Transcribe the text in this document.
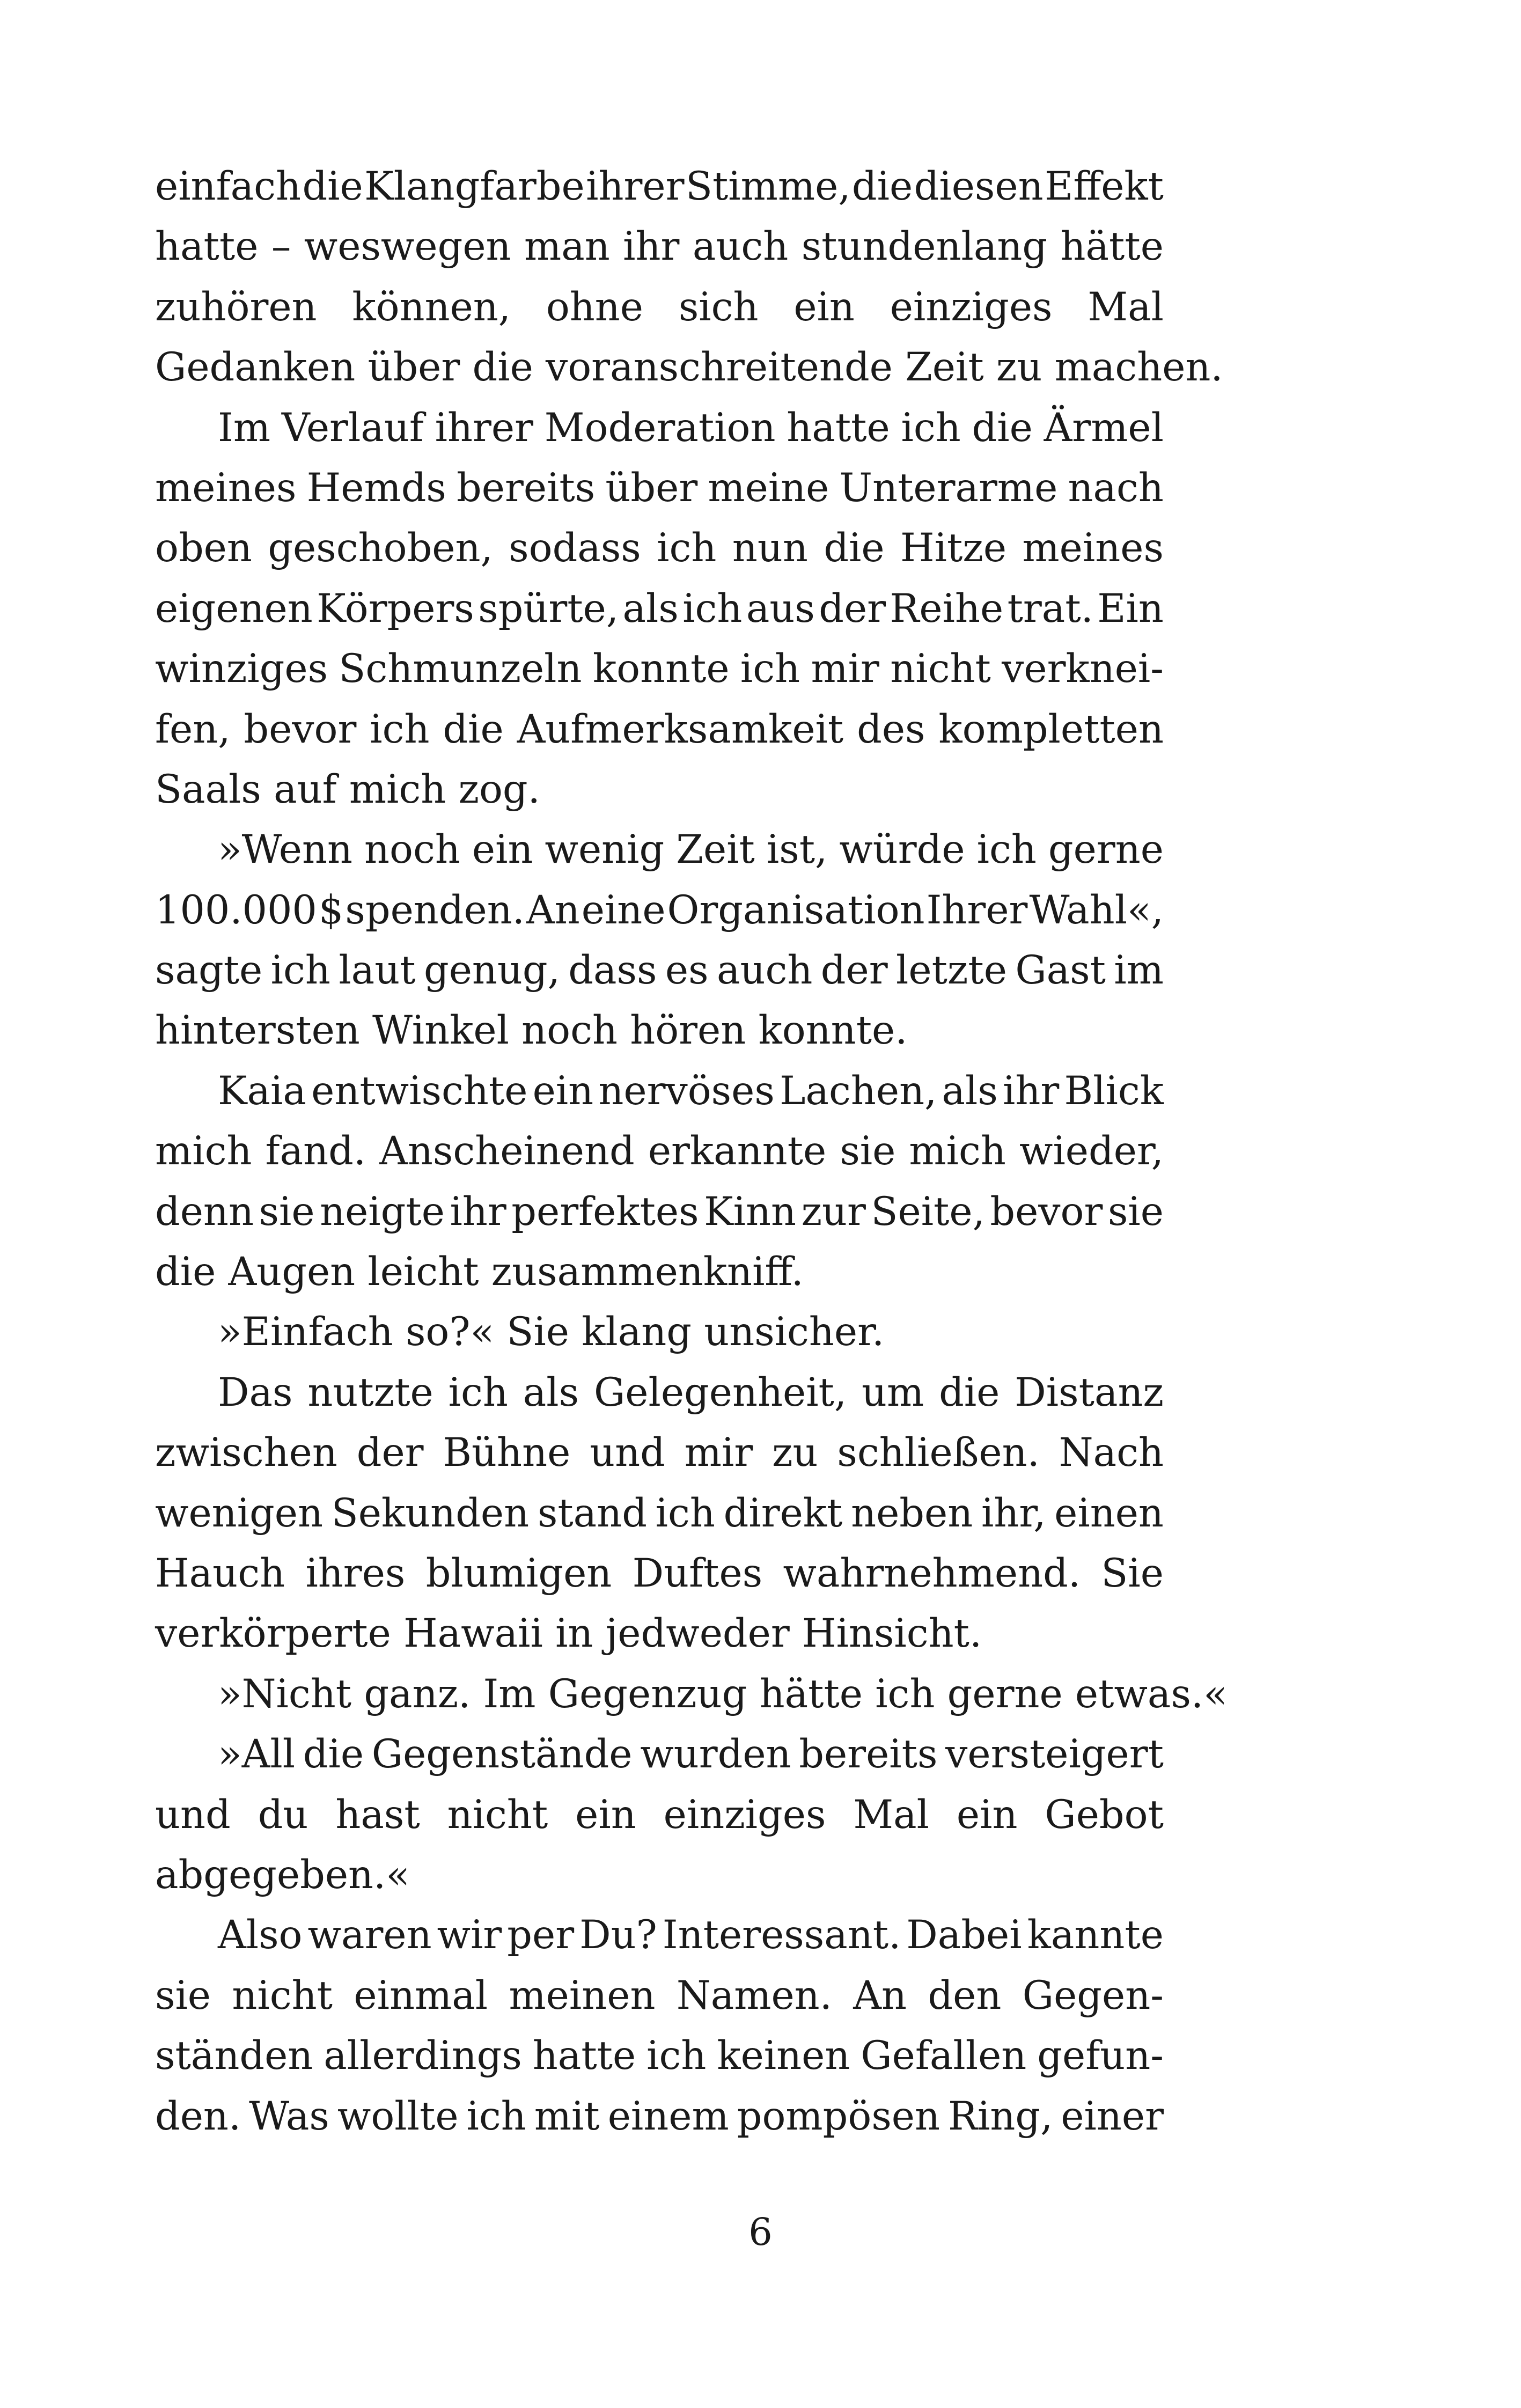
einfach die Klangfarbe ihrer Stimme, die diesen Effekt
hatte – weswegen man ihr auch stundenlang hätte
zuhören können, ohne sich ein einziges Mal
Gedanken über die voranschreitende Zeit zu machen.
Im Verlauf ihrer Moderation hatte ich die Ärmel
meines Hemds bereits über meine Unterarme nach
oben geschoben, sodass ich nun die Hitze meines
eigenen Körpers spürte, als ich aus der Reihe trat. Ein
winziges Schmunzeln konnte ich mir nicht verknei-
fen, bevor ich die Aufmerksamkeit des kompletten
Saals auf mich zog.
»Wenn noch ein wenig Zeit ist, würde ich gerne
100.000 $ spenden. An eine Organisation Ihrer Wahl«,
sagte ich laut genug, dass es auch der letzte Gast im
hintersten Winkel noch hören konnte.
Kaia entwischte ein nervöses Lachen, als ihr Blick
mich fand. Anscheinend erkannte sie mich wieder,
denn sie neigte ihr perfektes Kinn zur Seite, bevor sie
die Augen leicht zusammenkniff.
»Einfach so?« Sie klang unsicher.
Das nutzte ich als Gelegenheit, um die Distanz
zwischen der Bühne und mir zu schließen. Nach
wenigen Sekunden stand ich direkt neben ihr, einen
Hauch ihres blumigen Duftes wahrnehmend. Sie
verkörperte Hawaii in jedweder Hinsicht.
»Nicht ganz. Im Gegenzug hätte ich gerne etwas.«
»All die Gegenstände wurden bereits versteigert
und du hast nicht ein einziges Mal ein Gebot
abgegeben.«
Also waren wir per Du? Interessant. Dabei kannte
sie nicht einmal meinen Namen. An den Gegen-
ständen allerdings hatte ich keinen Gefallen gefun-
den. Was wollte ich mit einem pompösen Ring, einer
6
